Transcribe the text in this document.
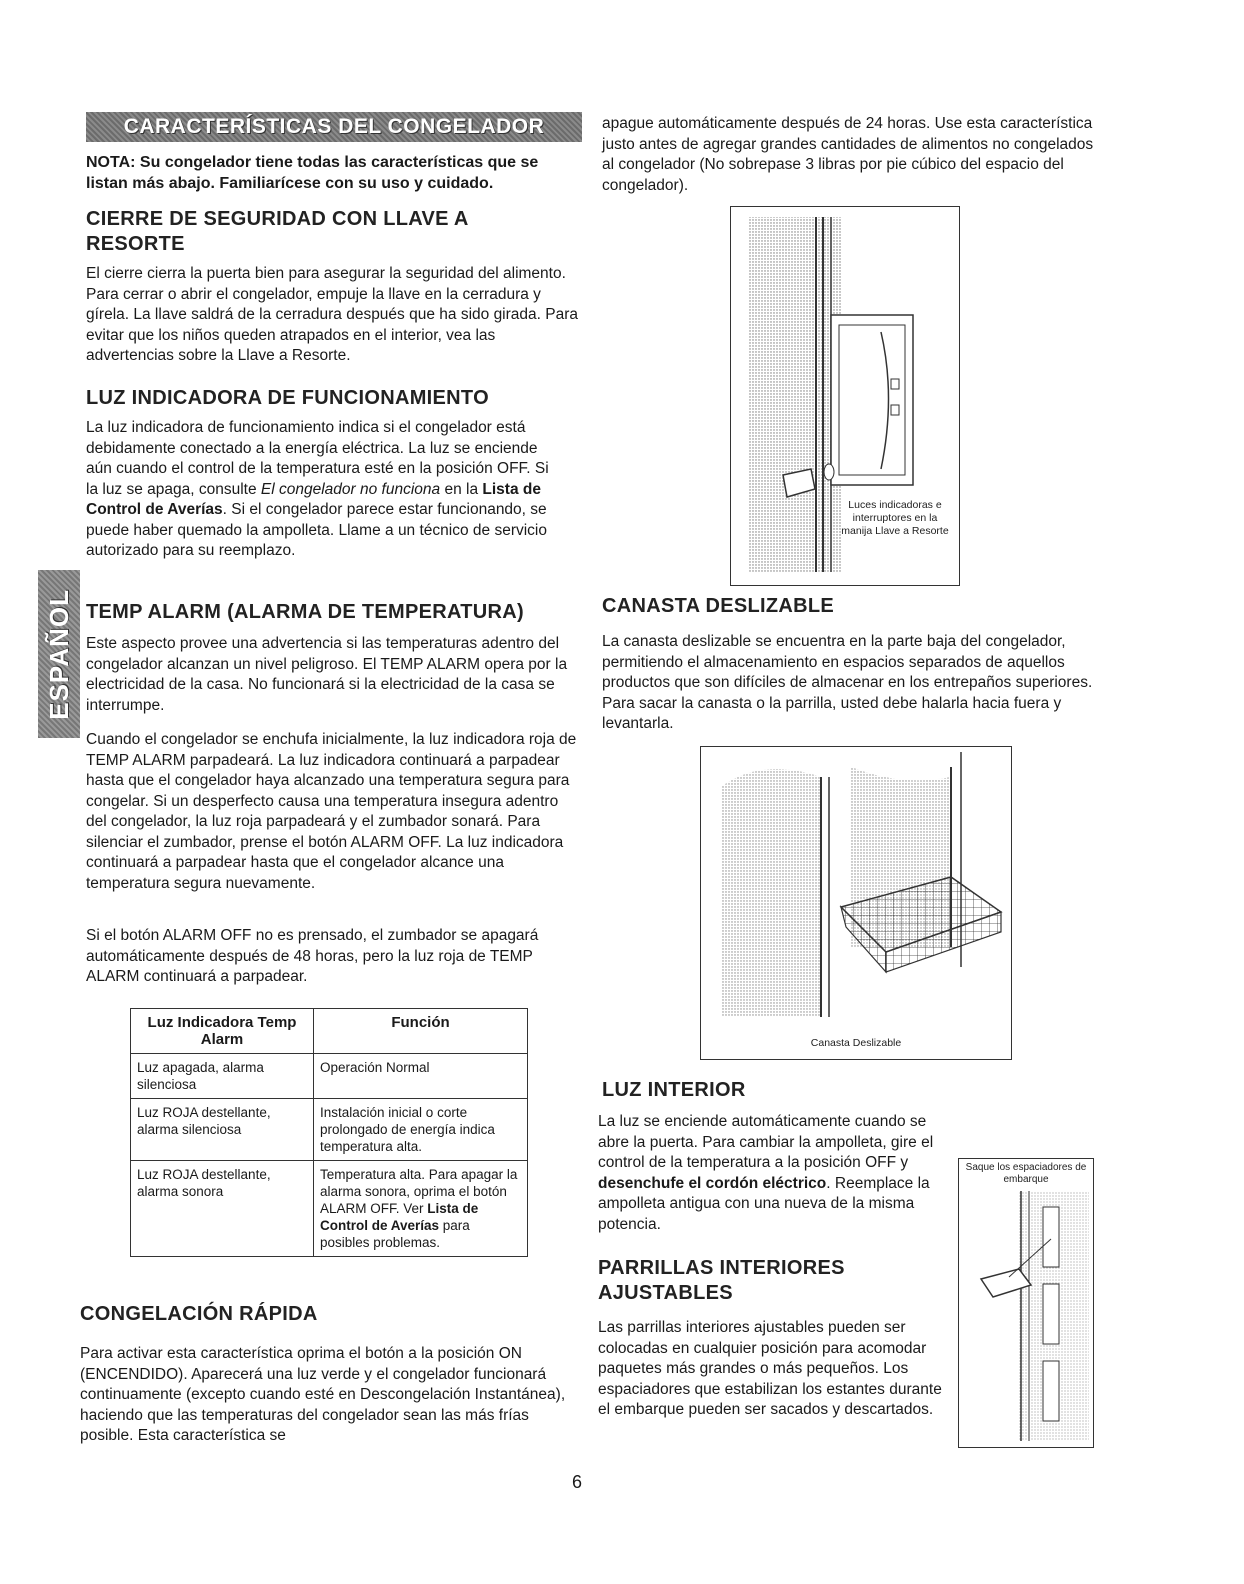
CARACTERÍSTICAS DEL CONGELADOR
ESPAÑOL

NOTA: Su congelador tiene todas las características que se listan más abajo. Familiarícese con su uso y cuidado.

CIERRE DE SEGURIDAD CON LLAVE A RESORTE

El cierre cierra la puerta bien para asegurar la seguridad del alimento. Para cerrar o abrir el congelador, empuje la llave en la cerradura y gírela. La llave saldrá de la cerradura después que ha sido girada. Para evitar que los niños queden atrapados en el interior, vea las advertencias sobre la Llave a Resorte.

LUZ INDICADORA DE FUNCIONAMIENTO

La luz indicadora de funcionamiento indica si el congelador está debidamente conectado a la energía eléctrica. La luz se enciende aún cuando el control de la temperatura esté en la posición OFF. Si la luz se apaga, consulte El congelador no funciona en la Lista de Control de Averías. Si el congelador parece estar funcionando, se puede haber quemado la ampolleta. Llame a un técnico de servicio autorizado para su reemplazo.

TEMP ALARM (ALARMA DE TEMPERATURA)

Este aspecto provee una advertencia si las temperaturas adentro del congelador alcanzan un nivel peligroso. El TEMP ALARM opera por la electricidad de la casa. No funcionará si la electricidad de la casa se interrumpe.

Cuando el congelador se enchufa inicialmente, la luz indicadora roja de TEMP ALARM parpadeará. La luz indicadora continuará a parpadear hasta que el congelador haya alcanzado una temperatura segura para congelar. Si un desperfecto causa una temperatura insegura adentro del congelador, la luz roja parpadeará y el zumbador sonará. Para silenciar el zumbador, prense el botón ALARM OFF. La luz indicadora continuará a parpadear hasta que el congelador alcance una temperatura segura nuevamente.

Si el botón ALARM OFF no es prensado, el zumbador se apagará automáticamente después de 48 horas, pero la luz roja de TEMP ALARM continuará a parpadear.

Luz Indicadora Temp Alarm	Función
Luz apagada, alarma silenciosa	Operación Normal
Luz ROJA destellante, alarma silenciosa	Instalación inicial o corte prolongado de energía indica temperatura alta.
Luz ROJA destellante, alarma sonora	Temperatura alta. Para apagar la alarma sonora, oprima el botón ALARM OFF. Ver Lista de Control de Averías para posibles problemas.
CONGELACIÓN RÁPIDA

Para activar esta característica oprima el botón a la posición ON (ENCENDIDO). Aparecerá una luz verde y el congelador funcionará continuamente (excepto cuando esté en Descongelación Instantánea), haciendo que las temperaturas del congelador sean las más frías posible. Esta característica se

apague automáticamente después de 24 horas. Use esta característica justo antes de agregar grandes cantidades de alimentos no congelados al congelador (No sobrepase 3 libras por pie cúbico del espacio del congelador).

Luces indicadoras e interruptores en la manija Llave a Resorte
CANASTA DESLIZABLE

La canasta deslizable se encuentra en la parte baja del congelador, permitiendo el almacenamiento en espacios separados de aquellos productos que son difíciles de almacenar en los entrepaños superiores. Para sacar la canasta o la parrilla, usted debe halarla hacia fuera y levantarla.

Canasta Deslizable
LUZ INTERIOR

La luz se enciende automáticamente cuando se abre la puerta. Para cambiar la ampolleta, gire el control de la temperatura a la posición OFF y desenchufe el cordón eléctrico. Reemplace la ampolleta antigua con una nueva de la misma potencia.

PARRILLAS INTERIORES AJUSTABLES

Las parrillas interiores ajustables pueden ser colocadas en cualquier posición para acomodar paquetes más grandes o más pequeños. Los espaciadores que estabilizan los estantes durante el embarque pueden ser sacados y descartados.

Saque los espaciadores de embarque
6
